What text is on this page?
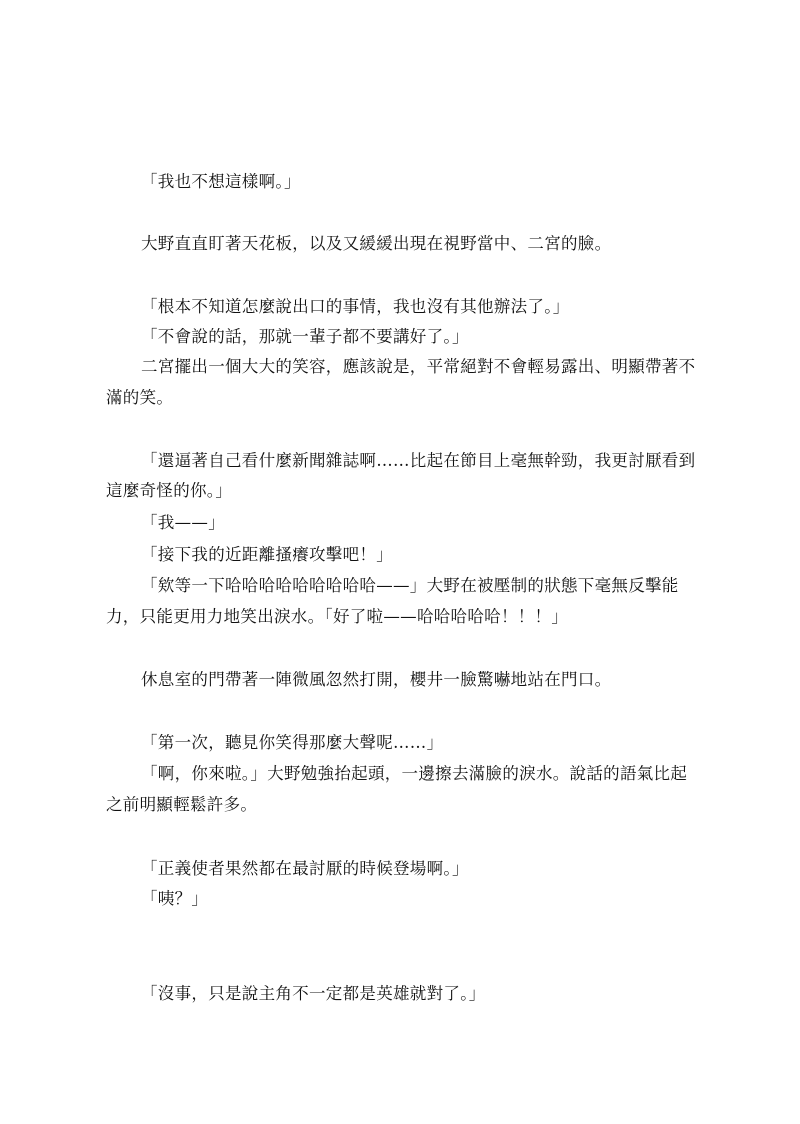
「我也不想這樣啊。」
大野直直盯著天花板，以及又緩緩出現在視野當中、二宮的臉。
「根本不知道怎麼說出口的事情，我也沒有其他辦法了。」
「不會說的話，那就一輩子都不要講好了。」
二宮擺出一個大大的笑容，應該說是，平常絕對不會輕易露出、明顯帶著不
滿的笑。
「還逼著自己看什麼新聞雜誌啊……比起在節目上毫無幹勁，我更討厭看到
這麼奇怪的你。」
「我——」
「接下我的近距離搔癢攻擊吧！」
「欸等一下哈哈哈哈哈哈哈哈哈——」大野在被壓制的狀態下毫無反擊能
力，只能更用力地笑出淚水。「好了啦——哈哈哈哈哈！！！」
休息室的門帶著一陣微風忽然打開，櫻井一臉驚嚇地站在門口。
「第一次，聽見你笑得那麼大聲呢……」
「啊，你來啦。」大野勉強抬起頭，一邊擦去滿臉的淚水。說話的語氣比起
之前明顯輕鬆許多。
「正義使者果然都在最討厭的時候登場啊。」
「咦？」
「沒事，只是說主角不一定都是英雄就對了。」
